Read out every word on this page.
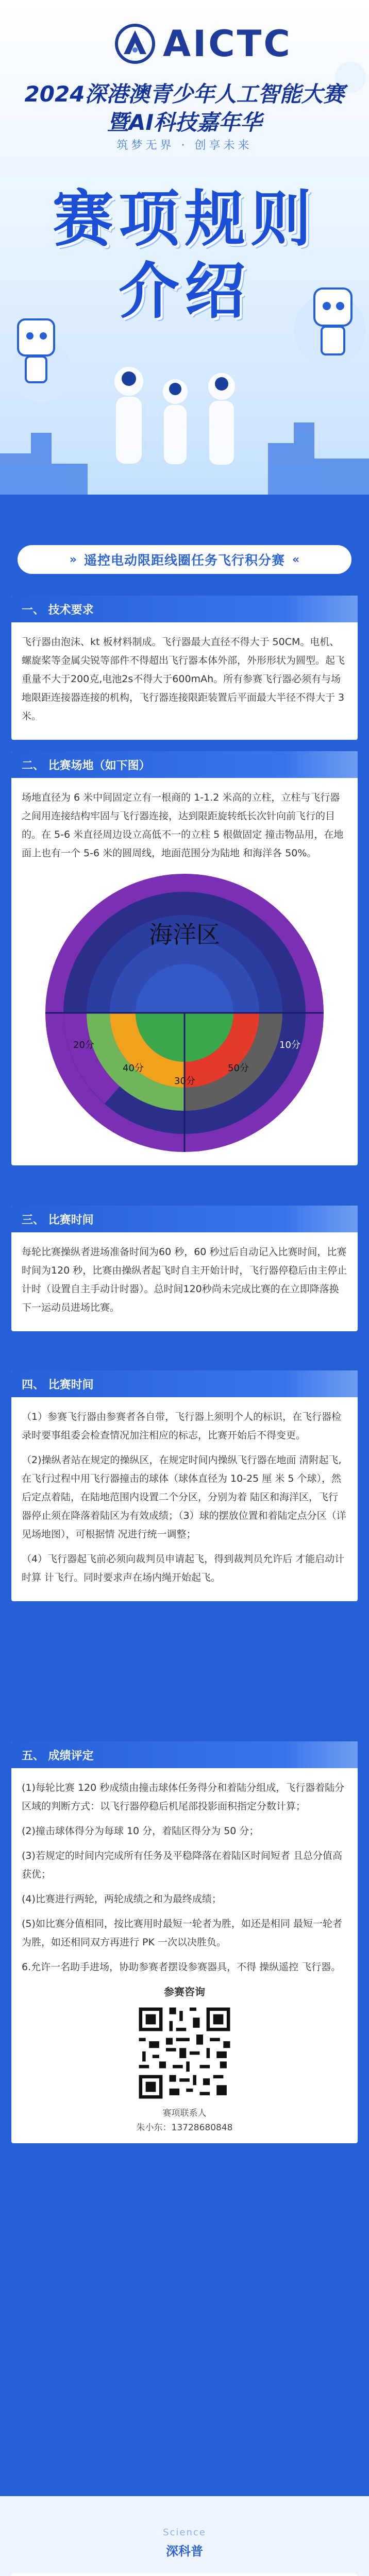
AICTC
2024深港澳青少年人工智能大赛
暨AI科技嘉年华
筑梦无界 · 创享未来
赛项规则
介绍
» 遥控电动限距线圈任务飞行积分赛 «
一、 技术要求

飞行器由泡沫、kt 板材料制成。飞行器最大直径不得大于 50CM。电机、螺旋桨等金属尖锐等部件不得超出飞行器本体外部，外形形状为圆型。起飞重量不大于200克,电池2s不得大于600mAh。所有参赛飞行器必须有与场地限距连接器连接的机构，飞行器连接限距装置后平面最大半径不得大于 3 米。

二、 比赛场地（如下图）

场地直径为 6 米中间固定立有一根商的 1-1.2 米高的立柱，立柱与飞行器之间用连接结构牢固与飞行器连接，达到限距旋转纸长次针向前飞行的目的。在 5-6 米直径周边设立高低不一的立柱 5 根做固定 撞击物品用，在地面上也有一个 5-6 米的圆周线，地面范围分为陆地 和海洋各 50%。

海洋区
10分
20分
30分
40分	50分
三、 比赛时间

每轮比赛操纵者进场准备时间为60 秒，60 秒过后自动记入比赛时间，比赛时间为120 秒，比赛由操纵者起飞时自主开始计时，飞行器停稳后由主停止计时（设置自主手动计时器）。总时间120秒尚未完成比赛的在立即降落换下一运动员进场比赛。

四、 比赛时间

（1）参赛飞行器由参赛者各自带，飞行器上须明个人的标识，在飞行器检录时要事组委会检查情况加注相应的标志，比赛开始后不得变更。

（2)操纵者站在规定的操纵区，在规定时间内操纵飞行器在地面 清附起飞,在飞行过程中用飞行器撞击的球体（球体直径为 10-25 厘 米 5 个球），然后定点着陆，在陆地范围内设置二个分区，分别为着 陆区和海洋区，飞行器停止须在降落着陆区为有效成绩；（3）球的摆放位置和着陆定点分区（详见场地图），可根据情 况进行统一调整；

（4）飞行器起飞前必须向裁判员申请起飞，得到裁判员允许后 才能启动计时算 计飞行。同时要求声在场内绳开始起飞。

五、 成绩评定

(1)每轮比赛 120 秒成绩由撞击球体任务得分和着陆分组成，飞行器着陆分区域的判断方式：以飞行器停稳后机尾部投影面积指定分数计算；

(2)撞击球体得分为每球 10 分，着陆区得分为 50 分；

(3)若规定的时间内完成所有任务及平稳降落在着陆区时间短者 且总分值高获优；

(4)比赛进行两轮，两轮成绩之和为最终成绩；

(5)如比赛分值相同，按比赛用时最短一轮者为胜，如还是相同 最短一轮者为胜，如还相同双方再进行 PK 一次以决胜负。

6.允许一名助手进场，协助参赛者摆设参赛器具，不得 操纵遥控 飞行器。

参赛咨询
赛项联系人
朱小东：13728680848
Science
深科普
